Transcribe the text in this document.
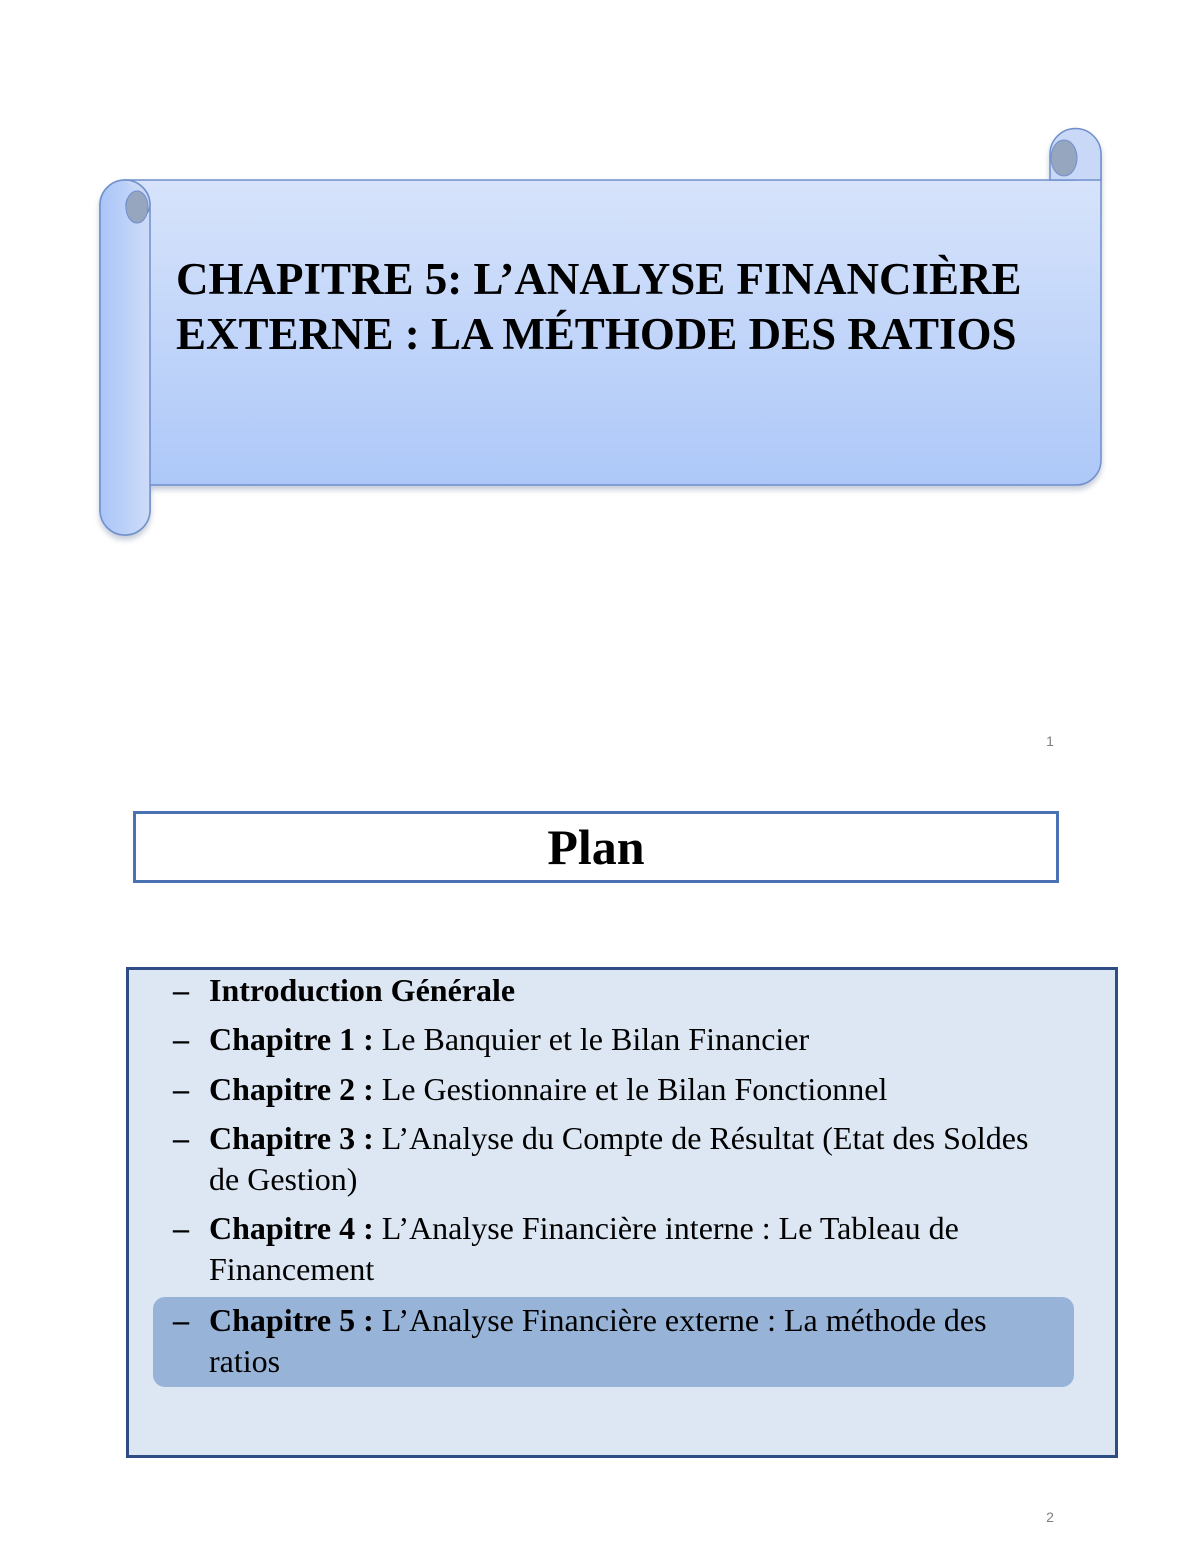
CHAPITRE 5: L’ANALYSE FINANCIÈRE EXTERNE : LA MÉTHODE DES RATIOS
1
Plan
– Introduction Générale
– Chapitre 1 : Le Banquier et le Bilan Financier
– Chapitre 2 : Le Gestionnaire et le Bilan Fonctionnel
– Chapitre 3 : L’Analyse du Compte de Résultat (Etat des Soldes de Gestion)
– Chapitre 4 : L’Analyse Financière interne : Le Tableau de Financement
– Chapitre 5 : L’Analyse Financière externe : La méthode des ratios
2
